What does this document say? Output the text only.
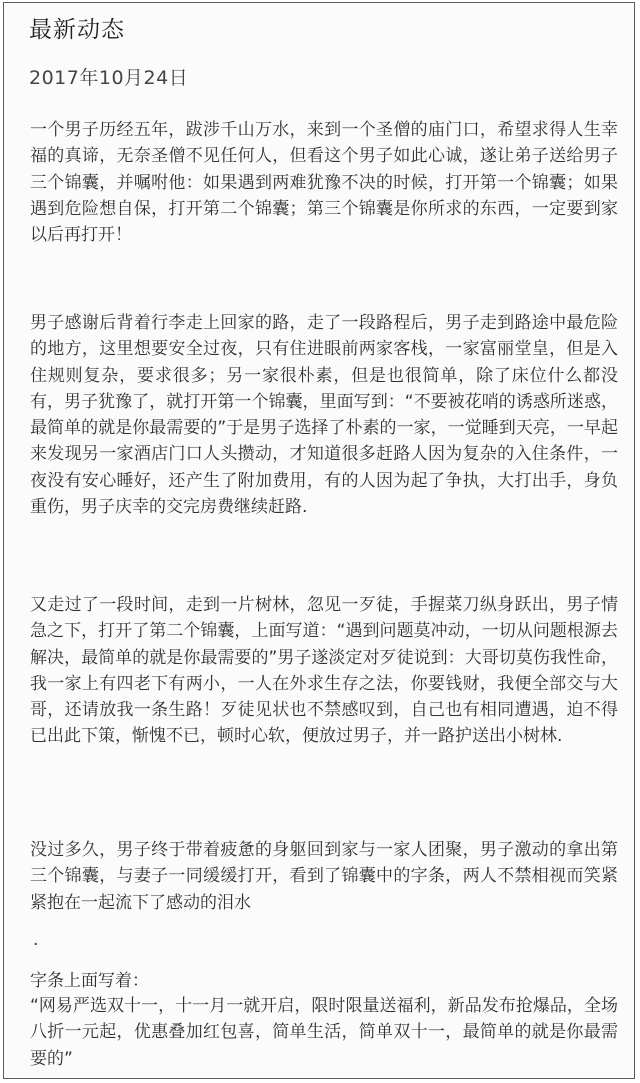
最新动态
2017年10月24日

一个男子历经五年，跋涉千山万水，来到一个圣僧的庙门口，希望求得人生幸福的真谛，无奈圣僧不见任何人，但看这个男子如此心诚，遂让弟子送给男子三个锦囊，并嘱咐他：如果遇到两难犹豫不决的时候，打开第一个锦囊；如果遇到危险想自保，打开第二个锦囊；第三个锦囊是你所求的东西，一定要到家以后再打开！

男子感谢后背着行李走上回家的路，走了一段路程后，男子走到路途中最危险的地方，这里想要安全过夜，只有住进眼前两家客栈，一家富丽堂皇，但是入住规则复杂，要求很多；另一家很朴素，但是也很简单，除了床位什么都没有，男子犹豫了，就打开第一个锦囊，里面写到：“不要被花哨的诱惑所迷惑，最简单的就是你最需要的”于是男子选择了朴素的一家，一觉睡到天亮，一早起来发现另一家酒店门口人头攒动，才知道很多赶路人因为复杂的入住条件，一夜没有安心睡好，还产生了附加费用，有的人因为起了争执，大打出手，身负重伤，男子庆幸的交完房费继续赶路.

又走过了一段时间，走到一片树林，忽见一歹徒，手握菜刀纵身跃出，男子情急之下，打开了第二个锦囊，上面写道：“遇到问题莫冲动，一切从问题根源去解决，最简单的就是你最需要的”男子遂淡定对歹徒说到：大哥切莫伤我性命，我一家上有四老下有两小，一人在外求生存之法，你要钱财，我便全部交与大哥，还请放我一条生路！歹徒见状也不禁感叹到，自己也有相同遭遇，迫不得已出此下策，惭愧不已，顿时心软，便放过男子，并一路护送出小树林.

没过多久，男子终于带着疲惫的身躯回到家与一家人团聚，男子激动的拿出第三个锦囊，与妻子一同缓缓打开，看到了锦囊中的字条，两人不禁相视而笑紧紧抱在一起流下了感动的泪水

.
字条上面写着：

“网易严选双十一，十一月一就开启，限时限量送福利，新品发布抢爆品，全场八折一元起，优惠叠加红包喜，简单生活，简单双十一，最简单的就是你最需要的”
